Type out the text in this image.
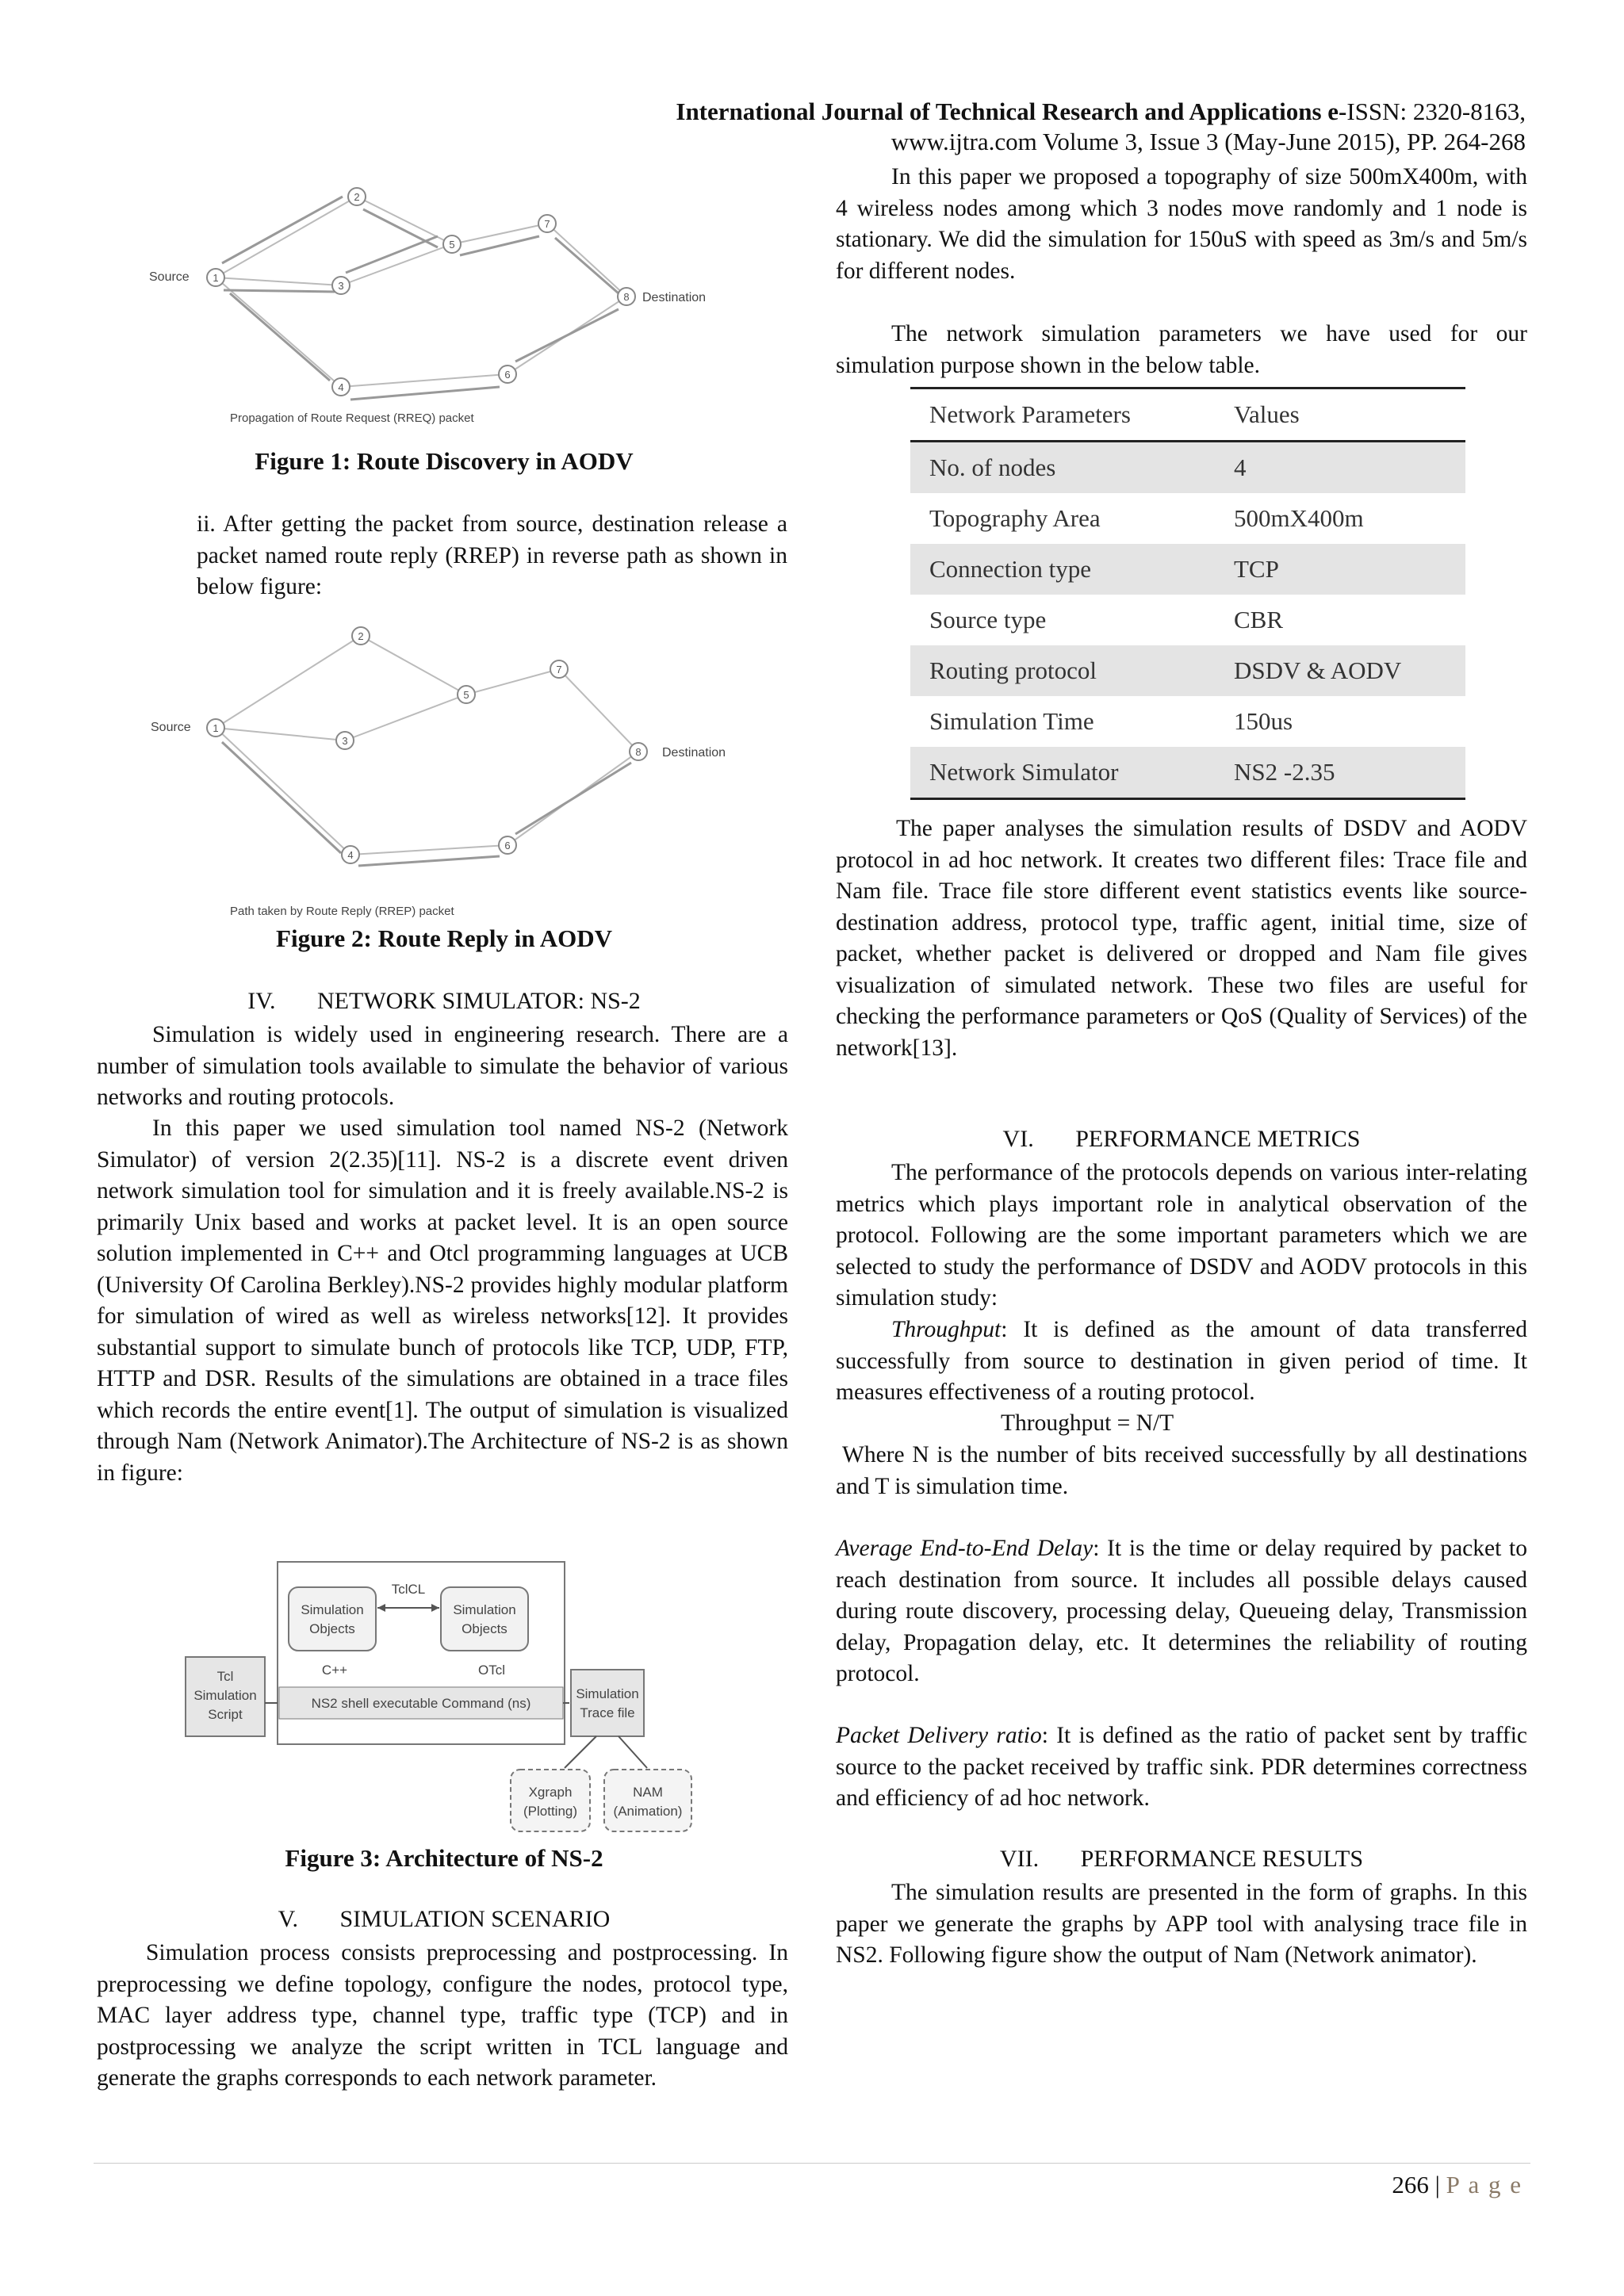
International Journal of Technical Research and Applications e-ISSN: 2320-8163,
www.ijtra.com Volume 3, Issue 3 (May-June 2015), PP. 264-268
1
2
3
4
5
6
7
8
Source
Destination
Propagation of Route Request (RREQ) packet
Figure 1: Route Discovery in AODV

ii. After getting the packet from source, destination release a packet named route reply (RREP) in reverse path as shown in below figure:

1
2
3
4
5
6
7
8
Source
Destination
Path taken by Route Reply (RREP) packet
Figure 2: Route Reply in AODV
IV. NETWORK SIMULATOR: NS-2

Simulation is widely used in engineering research. There are a number of simulation tools available to simulate the behavior of various networks and routing protocols.

In this paper we used simulation tool named NS-2 (Network Simulator) of version 2(2.35)[11]. NS-2 is a discrete event driven network simulation tool for simulation and it is freely available.NS-2 is primarily Unix based and works at packet level. It is an open source solution implemented in C++ and Otcl programming languages at UCB (University Of Carolina Berkley).NS-2 provides highly modular platform for simulation of wired as well as wireless networks[12]. It provides substantial support to simulate bunch of protocols like TCP, UDP, FTP, HTTP and DSR. Results of the simulations are obtained in a trace files which records the entire event[1]. The output of simulation is visualized through Nam (Network Animator).The Architecture of NS-2 is as shown in figure:

Simulation
Objects
Simulation
Objects
TclCL
C++	OTcl
NS2 shell executable Command (ns)
Tcl
Simulation
Script
Simulation
Trace file
Xgraph
(Plotting)
NAM
(Animation)
Figure 3: Architecture of NS-2
V. SIMULATION SCENARIO

Simulation process consists preprocessing and postprocessing. In preprocessing we define topology, configure the nodes, protocol type, MAC layer address type, channel type, traffic type (TCP) and in postprocessing we analyze the script written in TCL language and generate the graphs corresponds to each network parameter.

In this paper we proposed a topography of size 500mX400m, with 4 wireless nodes among which 3 nodes move randomly and 1 node is stationary. We did the simulation for 150uS with speed as 3m/s and 5m/s for different nodes.

The network simulation parameters we have used for our simulation purpose shown in the below table.

Network Parameters	Values
No. of nodes	4
Topography Area	500mX400m
Connection type	TCP
Source type	CBR
Routing protocol	DSDV & AODV
Simulation Time	150us
Network Simulator	NS2 -2.35

The paper analyses the simulation results of DSDV and AODV protocol in ad hoc network. It creates two different files: Trace file and Nam file. Trace file store different event statistics events like source-destination address, protocol type, traffic agent, initial time, size of packet, whether packet is delivered or dropped and Nam file gives visualization of simulated network. These two files are useful for checking the performance parameters or QoS (Quality of Services) of the network[13].

VI. PERFORMANCE METRICS

The performance of the protocols depends on various inter-relating metrics which plays important role in analytical observation of the protocol. Following are the some important parameters which we are selected to study the performance of DSDV and AODV protocols in this simulation study:

Throughput: It is defined as the amount of data transferred successfully from source to destination in given period of time. It measures effectiveness of a routing protocol.

Throughput = N/T

Where N is the number of bits received successfully by all destinations and T is simulation time.

Average End-to-End Delay: It is the time or delay required by packet to reach destination from source. It includes all possible delays caused during route discovery, processing delay, Queueing delay, Transmission delay, Propagation delay, etc. It determines the reliability of routing protocol.

Packet Delivery ratio: It is defined as the ratio of packet sent by traffic source to the packet received by traffic sink. PDR determines correctness and efficiency of ad hoc network.

VII. PERFORMANCE RESULTS

The simulation results are presented in the form of graphs. In this paper we generate the graphs by APP tool with analysing trace file in NS2. Following figure show the output of Nam (Network animator).

266 | P a g e
